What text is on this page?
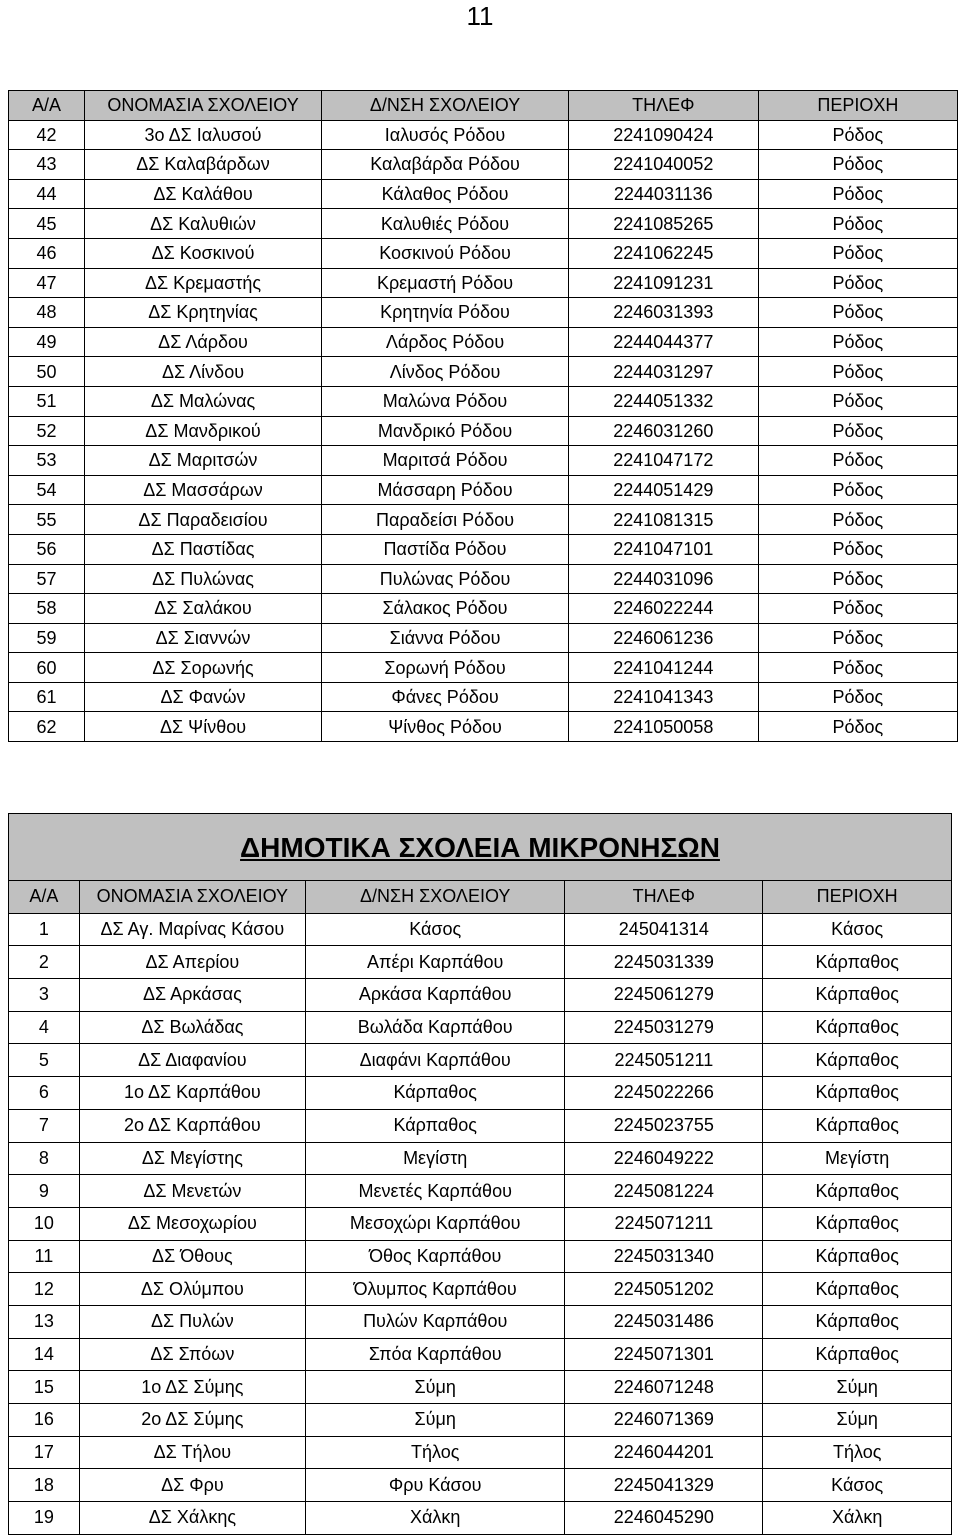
11
Α/Α	ΟΝΟΜΑΣΙΑ ΣΧΟΛΕΙΟΥ	Δ/ΝΣΗ ΣΧΟΛΕΙΟΥ	ΤΗΛΕΦ	ΠΕΡΙΟΧΗ
42	3ο ΔΣ Ιαλυσού	Ιαλυσός Ρόδου	2241090424	Ρόδος
43	ΔΣ Καλαβάρδων	Καλαβάρδα Ρόδου	2241040052	Ρόδος
44	ΔΣ Καλάθου	Κάλαθος Ρόδου	2244031136	Ρόδος
45	ΔΣ Καλυθιών	Καλυθιές Ρόδου	2241085265	Ρόδος
46	ΔΣ Κοσκινού	Κοσκινού Ρόδου	2241062245	Ρόδος
47	ΔΣ Κρεμαστής	Κρεμαστή Ρόδου	2241091231	Ρόδος
48	ΔΣ Κρητηνίας	Κρητηνία Ρόδου	2246031393	Ρόδος
49	ΔΣ Λάρδου	Λάρδος Ρόδου	2244044377	Ρόδος
50	ΔΣ Λίνδου	Λίνδος Ρόδου	2244031297	Ρόδος
51	ΔΣ Μαλώνας	Μαλώνα Ρόδου	2244051332	Ρόδος
52	ΔΣ Μανδρικού	Μανδρικό Ρόδου	2246031260	Ρόδος
53	ΔΣ Μαριτσών	Μαριτσά Ρόδου	2241047172	Ρόδος
54	ΔΣ Μασσάρων	Μάσσαρη Ρόδου	2244051429	Ρόδος
55	ΔΣ Παραδεισίου	Παραδείσι Ρόδου	2241081315	Ρόδος
56	ΔΣ Παστίδας	Παστίδα Ρόδου	2241047101	Ρόδος
57	ΔΣ Πυλώνας	Πυλώνας Ρόδου	2244031096	Ρόδος
58	ΔΣ Σαλάκου	Σάλακος Ρόδου	2246022244	Ρόδος
59	ΔΣ Σιαννών	Σιάννα Ρόδου	2246061236	Ρόδος
60	ΔΣ Σορωνής	Σορωνή Ρόδου	2241041244	Ρόδος
61	ΔΣ Φανών	Φάνες Ρόδου	2241041343	Ρόδος
62	ΔΣ Ψίνθου	Ψίνθος Ρόδου	2241050058	Ρόδος
ΔΗΜΟΤΙΚΑ ΣΧΟΛΕΙΑ ΜΙΚΡΟΝΗΣΩΝ				
Α/Α	ΟΝΟΜΑΣΙΑ ΣΧΟΛΕΙΟΥ	Δ/ΝΣΗ ΣΧΟΛΕΙΟΥ	ΤΗΛΕΦ	ΠΕΡΙΟΧΗ
1	ΔΣ Αγ. Μαρίνας Κάσου	Κάσος	245041314	Κάσος
2	ΔΣ Απερίου	Απέρι Καρπάθου	2245031339	Κάρπαθος
3	ΔΣ Αρκάσας	Αρκάσα Καρπάθου	2245061279	Κάρπαθος
4	ΔΣ Βωλάδας	Βωλάδα Καρπάθου	2245031279	Κάρπαθος
5	ΔΣ Διαφανίου	Διαφάνι Καρπάθου	2245051211	Κάρπαθος
6	1ο ΔΣ Καρπάθου	Κάρπαθος	2245022266	Κάρπαθος
7	2ο ΔΣ Καρπάθου	Κάρπαθος	2245023755	Κάρπαθος
8	ΔΣ Μεγίστης	Μεγίστη	2246049222	Μεγίστη
9	ΔΣ Μενετών	Μενετές Καρπάθου	2245081224	Κάρπαθος
10	ΔΣ Μεσοχωρίου	Μεσοχώρι Καρπάθου	2245071211	Κάρπαθος
11	ΔΣ Όθους	Όθος Καρπάθου	2245031340	Κάρπαθος
12	ΔΣ Ολύμπου	Όλυμπος Καρπάθου	2245051202	Κάρπαθος
13	ΔΣ Πυλών	Πυλών Καρπάθου	2245031486	Κάρπαθος
14	ΔΣ Σπόων	Σπόα Καρπάθου	2245071301	Κάρπαθος
15	1ο ΔΣ Σύμης	Σύμη	2246071248	Σύμη
16	2ο ΔΣ Σύμης	Σύμη	2246071369	Σύμη
17	ΔΣ Τήλου	Τήλος	2246044201	Τήλος
18	ΔΣ Φρυ	Φρυ Κάσου	2245041329	Κάσος
19	ΔΣ Χάλκης	Χάλκη	2246045290	Χάλκη
